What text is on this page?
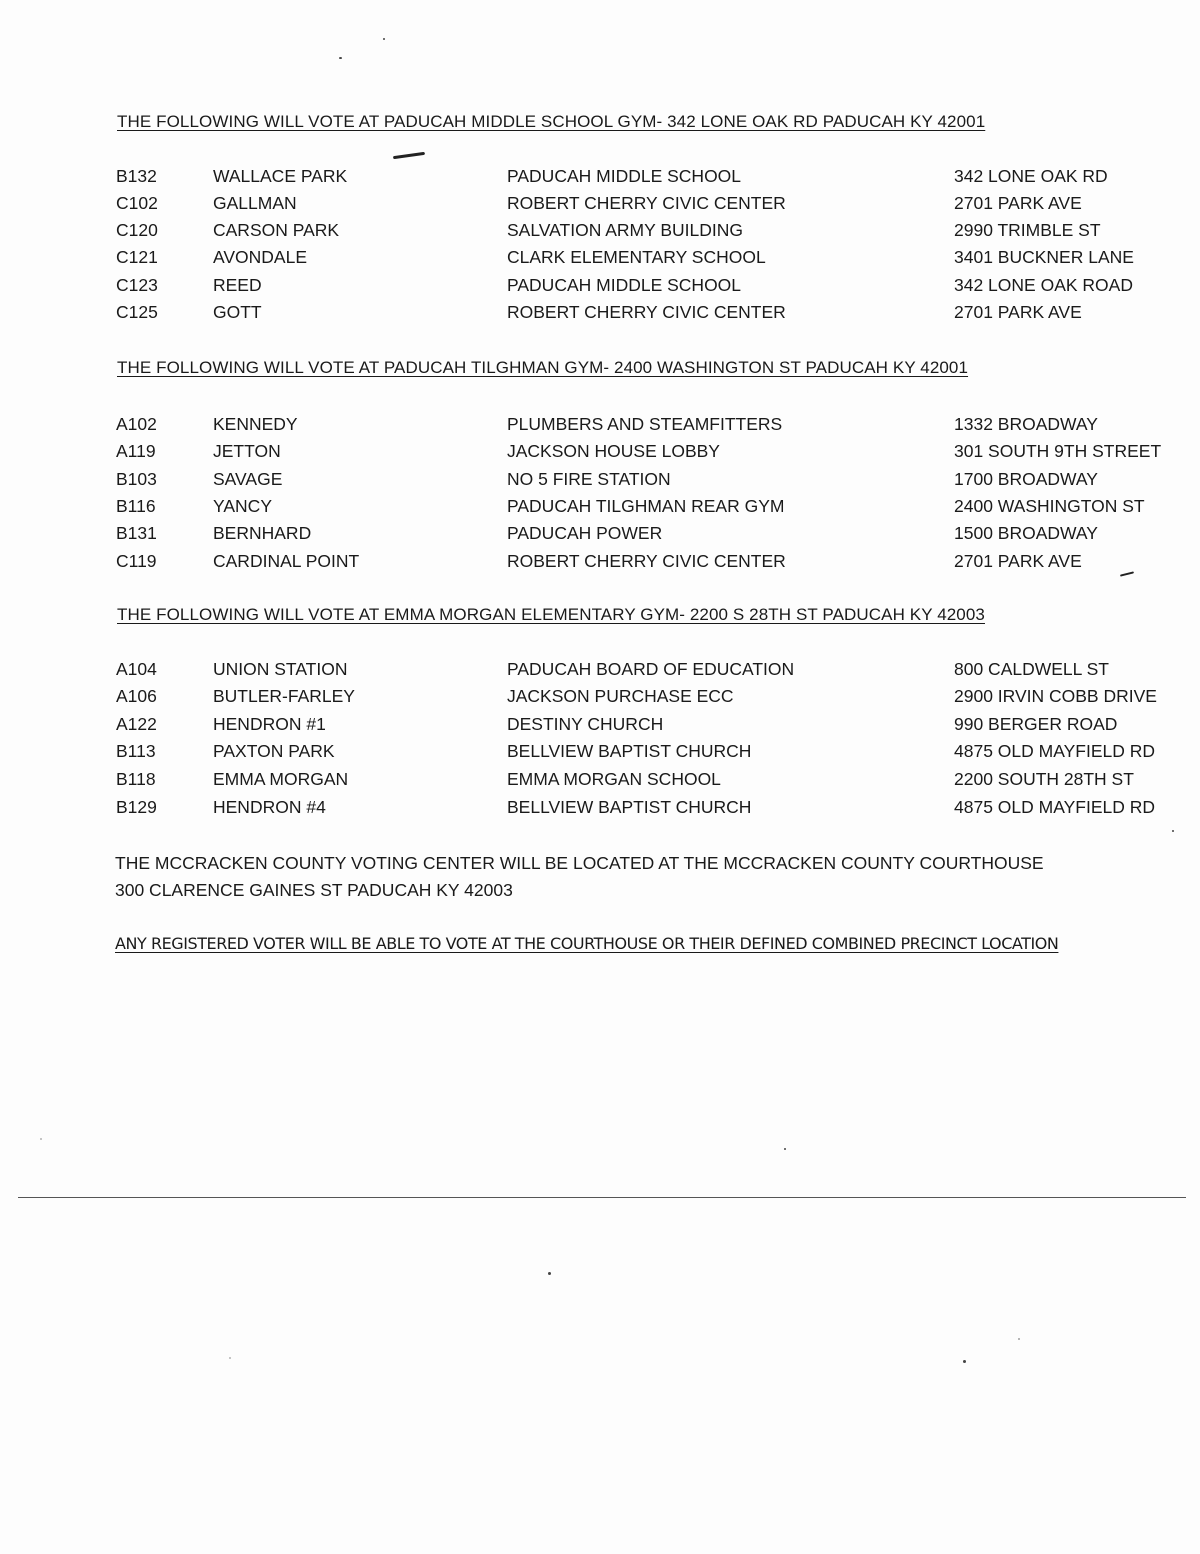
THE FOLLOWING WILL VOTE AT PADUCAH MIDDLE SCHOOL GYM- 342 LONE OAK RD PADUCAH KY 42001
B132	WALLACE PARK	PADUCAH MIDDLE SCHOOL	342 LONE OAK RD
C102	GALLMAN	ROBERT CHERRY CIVIC CENTER	2701 PARK AVE
C120	CARSON PARK	SALVATION ARMY BUILDING	2990 TRIMBLE ST
C121	AVONDALE	CLARK ELEMENTARY SCHOOL	3401 BUCKNER LANE
C123	REED	PADUCAH MIDDLE SCHOOL	342 LONE OAK ROAD
C125	GOTT	ROBERT CHERRY CIVIC CENTER	2701 PARK AVE
THE FOLLOWING WILL VOTE AT PADUCAH TILGHMAN GYM- 2400 WASHINGTON ST PADUCAH KY 42001
A102	KENNEDY	PLUMBERS AND STEAMFITTERS	1332 BROADWAY
A119	JETTON	JACKSON HOUSE LOBBY	301 SOUTH 9TH STREET
B103	SAVAGE	NO 5 FIRE STATION	1700 BROADWAY
B116	YANCY	PADUCAH TILGHMAN REAR GYM	2400 WASHINGTON ST
B131	BERNHARD	PADUCAH POWER	1500 BROADWAY
C119	CARDINAL POINT	ROBERT CHERRY CIVIC CENTER	2701 PARK AVE
THE FOLLOWING WILL VOTE AT EMMA MORGAN ELEMENTARY GYM- 2200 S 28TH ST PADUCAH KY 42003
A104	UNION STATION	PADUCAH BOARD OF EDUCATION	800 CALDWELL ST
A106	BUTLER-FARLEY	JACKSON PURCHASE ECC	2900 IRVIN COBB DRIVE
A122	HENDRON #1	DESTINY CHURCH	990 BERGER ROAD
B113	PAXTON PARK	BELLVIEW BAPTIST CHURCH	4875 OLD MAYFIELD RD
B118	EMMA MORGAN	EMMA MORGAN SCHOOL	2200 SOUTH 28TH ST
B129	HENDRON #4	BELLVIEW BAPTIST CHURCH	4875 OLD MAYFIELD RD
THE MCCRACKEN COUNTY VOTING CENTER WILL BE LOCATED AT THE MCCRACKEN COUNTY COURTHOUSE
300 CLARENCE GAINES ST PADUCAH KY 42003
ANY REGISTERED VOTER WILL BE ABLE TO VOTE AT THE COURTHOUSE OR THEIR DEFINED COMBINED PRECINCT LOCATION
